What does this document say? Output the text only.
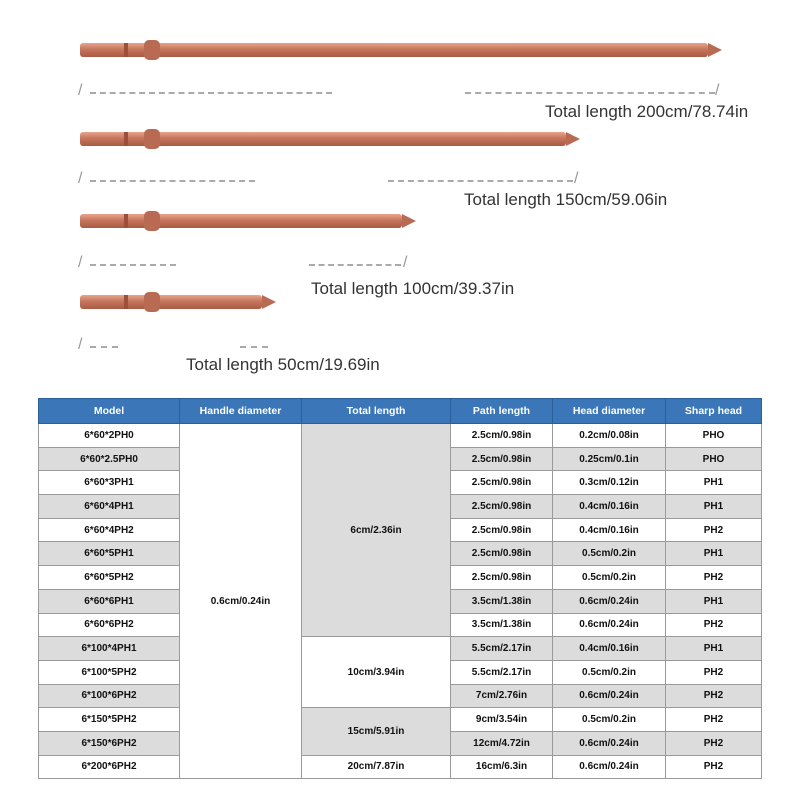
/	/
Total length 200cm/78.74in
/	/
Total length 150cm/59.06in
/	/
Total length 100cm/39.37in
/
Total length 50cm/19.69in
Model	Handle diameter	Total length	Path length	Head diameter	Sharp head
6*60*2PH0	0.6cm/0.24in	6cm/2.36in	2.5cm/0.98in	0.2cm/0.08in	PHO
6*60*2.5PH0			2.5cm/0.98in	0.25cm/0.1in	PHO
6*60*3PH1			2.5cm/0.98in	0.3cm/0.12in	PH1
6*60*4PH1			2.5cm/0.98in	0.4cm/0.16in	PH1
6*60*4PH2			2.5cm/0.98in	0.4cm/0.16in	PH2
6*60*5PH1			2.5cm/0.98in	0.5cm/0.2in	PH1
6*60*5PH2			2.5cm/0.98in	0.5cm/0.2in	PH2
6*60*6PH1			3.5cm/1.38in	0.6cm/0.24in	PH1
6*60*6PH2			3.5cm/1.38in	0.6cm/0.24in	PH2
6*100*4PH1		10cm/3.94in	5.5cm/2.17in	0.4cm/0.16in	PH1
6*100*5PH2			5.5cm/2.17in	0.5cm/0.2in	PH2
6*100*6PH2			7cm/2.76in	0.6cm/0.24in	PH2
6*150*5PH2		15cm/5.91in	9cm/3.54in	0.5cm/0.2in	PH2
6*150*6PH2			12cm/4.72in	0.6cm/0.24in	PH2
6*200*6PH2		20cm/7.87in	16cm/6.3in	0.6cm/0.24in	PH2
